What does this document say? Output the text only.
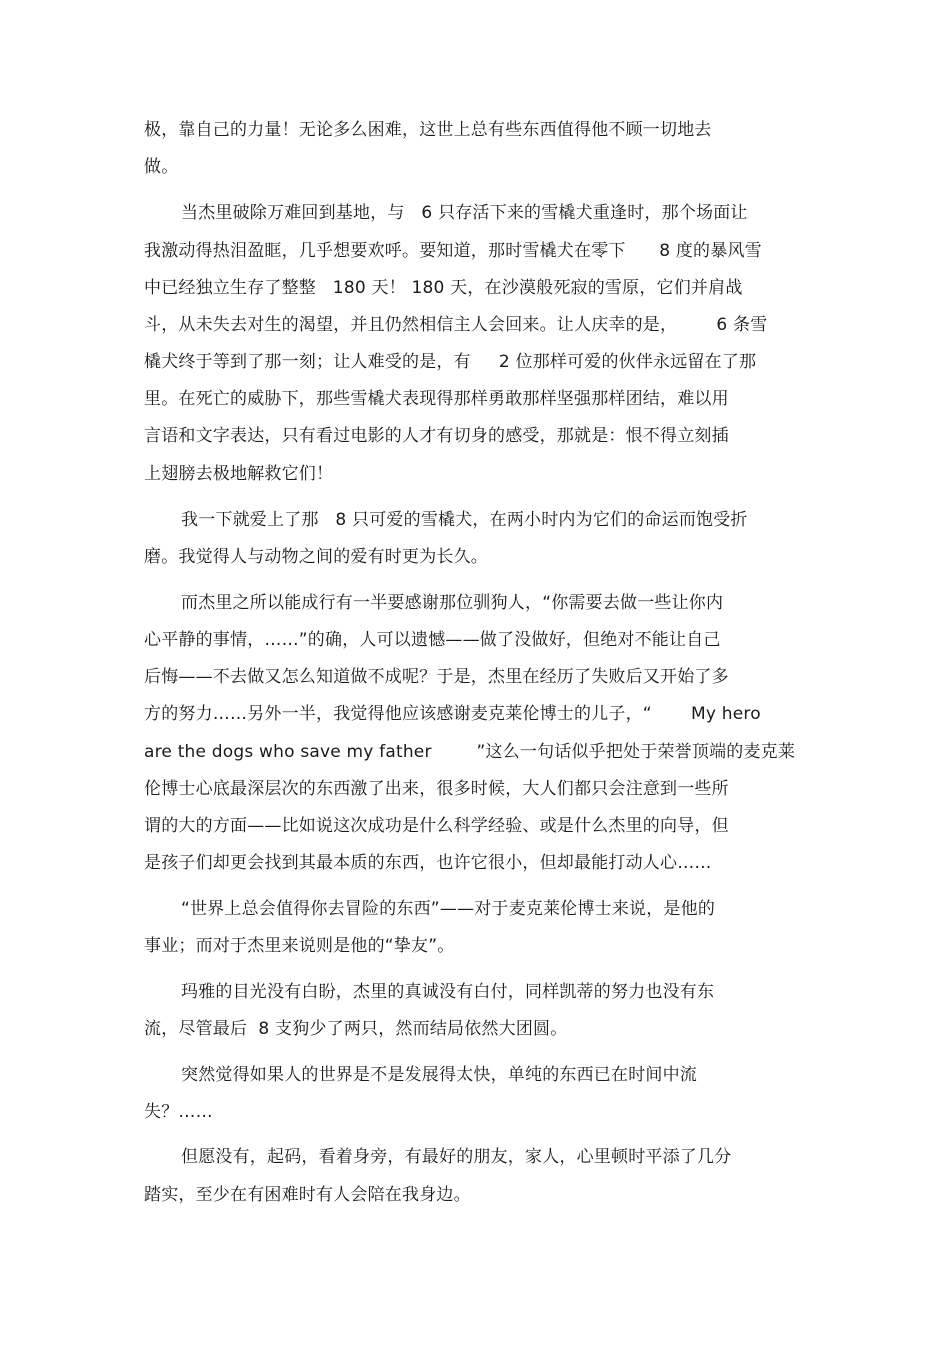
极，靠自己的力量！无论多么困难，这世上总有些东西值得他不顾一切地去
做。
当杰里破除万难回到基地，与   6 只存活下来的雪橇犬重逢时，那个场面让
我激动得热泪盈眶，几乎想要欢呼。要知道，那时雪橇犬在零下      8 度的暴风雪
中已经独立生存了整整   180 天！ 180 天，在沙漠般死寂的雪原，它们并肩战
斗，从未失去对生的渴望，并且仍然相信主人会回来。让人庆幸的是，       6 条雪
橇犬终于等到了那一刻；让人难受的是，有     2 位那样可爱的伙伴永远留在了那
里。在死亡的威胁下，那些雪橇犬表现得那样勇敢那样坚强那样团结，难以用
言语和文字表达，只有看过电影的人才有切身的感受，那就是：恨不得立刻插
上翅膀去极地解救它们！
我一下就爱上了那   8 只可爱的雪橇犬，在两小时内为它们的命运而饱受折
磨。我觉得人与动物之间的爱有时更为长久。
而杰里之所以能成行有一半要感谢那位驯狗人，“你需要去做一些让你内
心平静的事情，……”的确，人可以遗憾——做了没做好，但绝对不能让自己
后悔——不去做又怎么知道做不成呢？于是，杰里在经历了失败后又开始了多
方的努力……另外一半，我觉得他应该感谢麦克莱伦博士的儿子，“       My hero
are the dogs who save my father        ”这么一句话似乎把处于荣誉顶端的麦克莱
伦博士心底最深层次的东西激了出来，很多时候，大人们都只会注意到一些所
谓的大的方面——比如说这次成功是什么科学经验、或是什么杰里的向导，但
是孩子们却更会找到其最本质的东西，也许它很小，但却最能打动人心……
“世界上总会值得你去冒险的东西”——对于麦克莱伦博士来说，是他的
事业；而对于杰里来说则是他的“挚友”。
玛雅的目光没有白盼，杰里的真诚没有白付，同样凯蒂的努力也没有东
流，尽管最后  8 支狗少了两只，然而结局依然大团圆。
突然觉得如果人的世界是不是发展得太快，单纯的东西已在时间中流
失？……
但愿没有，起码，看着身旁，有最好的朋友，家人，心里顿时平添了几分
踏实，至少在有困难时有人会陪在我身边。
